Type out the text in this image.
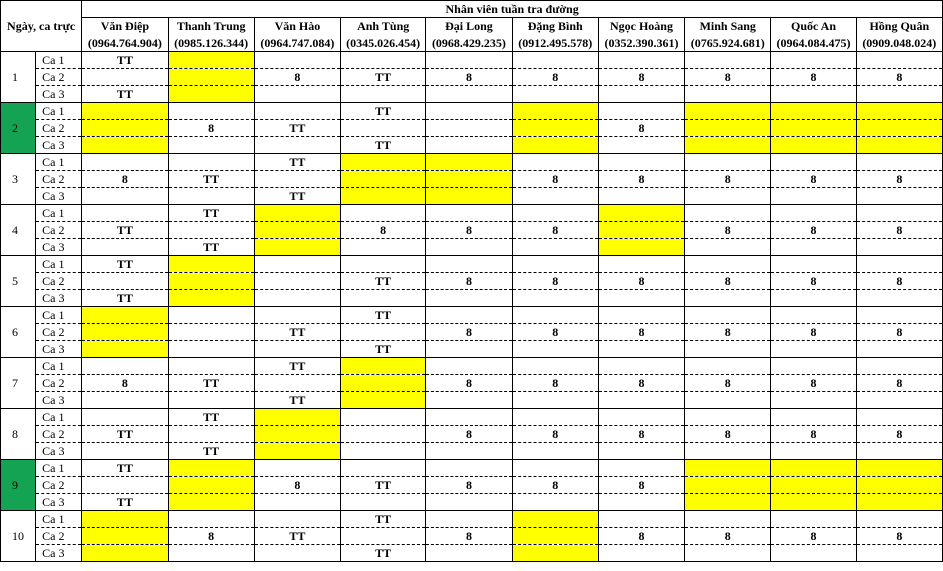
Ngày, ca trực		Nhân viên tuần tra đường									
		Văn Điệp	Thanh Trung	Văn Hào	Anh Tùng	Đại Long	Đặng Bình	Ngọc Hoàng	Minh Sang	Quốc An	Hồng Quân
		(0964.764.904)	(0985.126.344)	(0964.747.084)	(0345.026.454)	(0968.429.235)	(0912.495.578)	(0352.390.361)	(0765.924.681)	(0964.084.475)	(0909.048.024)
1	Ca 1	TT									
	Ca 2			8	TT	8	8	8	8	8	8
	Ca 3	TT									
2	Ca 1				TT						
	Ca 2		8	TT				8			
	Ca 3				TT						
3	Ca 1			TT							
	Ca 2	8	TT				8	8	8	8	8
	Ca 3			TT							
4	Ca 1		TT								
	Ca 2	TT			8	8	8		8	8	8
	Ca 3		TT								
5	Ca 1	TT									
	Ca 2				TT	8	8	8	8	8	8
	Ca 3	TT									
6	Ca 1				TT						
	Ca 2			TT		8	8	8	8	8	8
	Ca 3				TT						
7	Ca 1			TT							
	Ca 2	8	TT			8	8	8	8	8	8
	Ca 3			TT							
8	Ca 1		TT								
	Ca 2	TT				8	8	8	8	8	8
	Ca 3		TT								
9	Ca 1	TT									
	Ca 2			8	TT	8	8	8			
	Ca 3	TT									
10	Ca 1				TT						
	Ca 2		8	TT		8		8	8	8	8
	Ca 3				TT						
